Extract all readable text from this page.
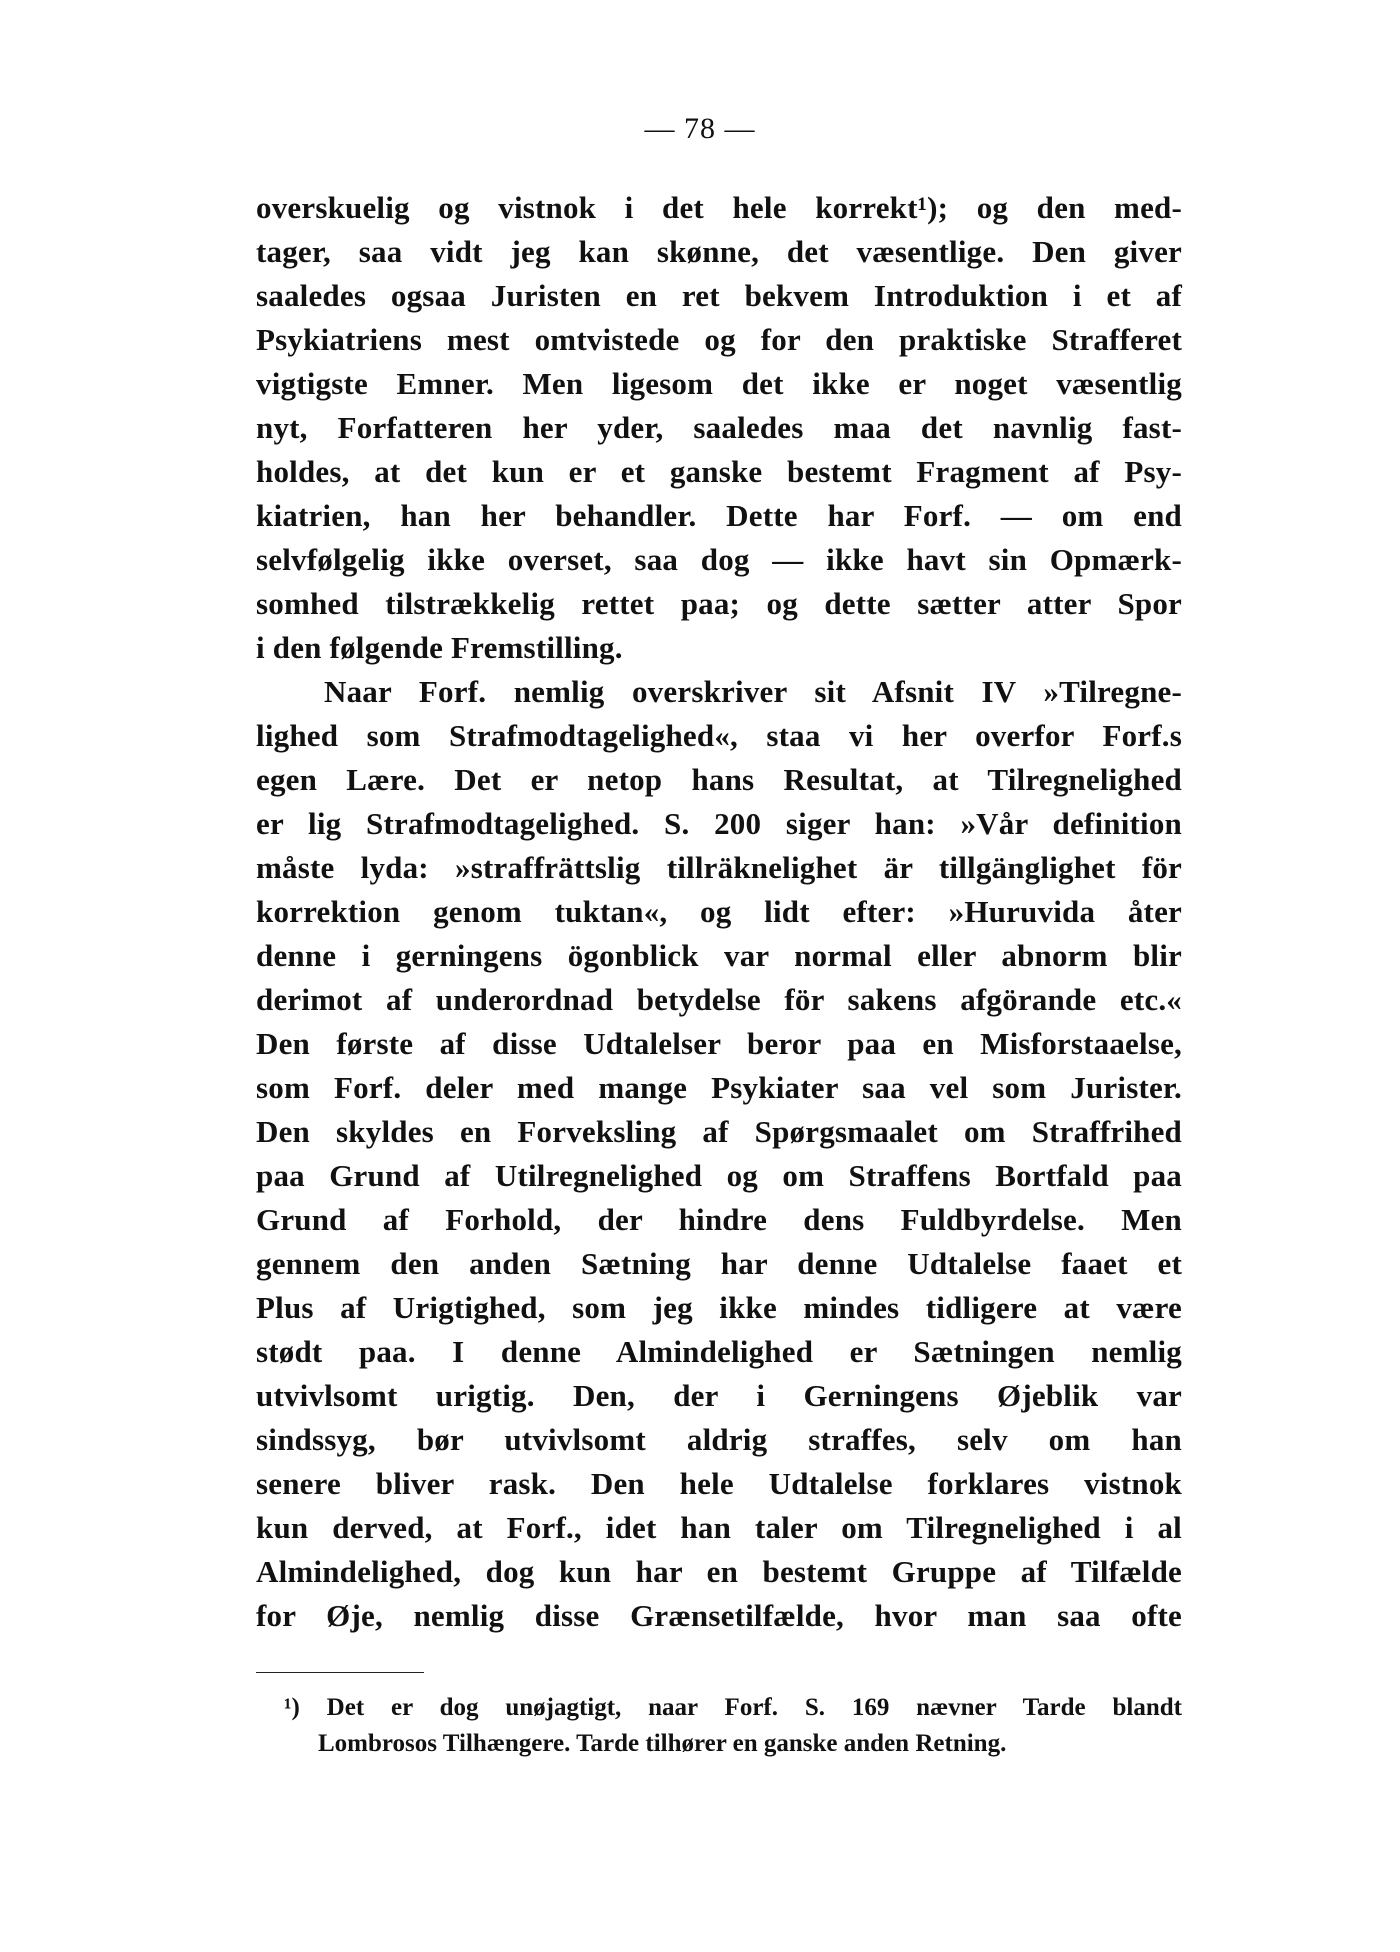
— 78 —
overskuelig og vistnok i det hele korrekt¹); og den med-
tager, saa vidt jeg kan skønne, det væsentlige. Den giver
saaledes ogsaa Juristen en ret bekvem Introduktion i et af
Psykiatriens mest omtvistede og for den praktiske Strafferet
vigtigste Emner. Men ligesom det ikke er noget væsentlig
nyt, Forfatteren her yder, saaledes maa det navnlig fast-
holdes, at det kun er et ganske bestemt Fragment af Psy-
kiatrien, han her behandler. Dette har Forf. — om end
selvfølgelig ikke overset, saa dog — ikke havt sin Opmærk-
somhed tilstrækkelig rettet paa; og dette sætter atter Spor
i den følgende Fremstilling.
Naar Forf. nemlig overskriver sit Afsnit IV »Tilregne-
lighed som Strafmodtagelighed«, staa vi her overfor Forf.s
egen Lære. Det er netop hans Resultat, at Tilregnelighed
er lig Strafmodtagelighed. S. 200 siger han: »Vår definition
måste lyda: »straffrättslig tillräknelighet är tillgänglighet för
korrektion genom tuktan«, og lidt efter: »Huruvida åter
denne i gerningens ögonblick var normal eller abnorm blir
derimot af underordnad betydelse för sakens afgörande etc.«
Den første af disse Udtalelser beror paa en Misforstaaelse,
som Forf. deler med mange Psykiater saa vel som Jurister.
Den skyldes en Forveksling af Spørgsmaalet om Straffrihed
paa Grund af Utilregnelighed og om Straffens Bortfald paa
Grund af Forhold, der hindre dens Fuldbyrdelse. Men
gennem den anden Sætning har denne Udtalelse faaet et
Plus af Urigtighed, som jeg ikke mindes tidligere at være
stødt paa. I denne Almindelighed er Sætningen nemlig
utvivlsomt urigtig. Den, der i Gerningens Øjeblik var
sindssyg, bør utvivlsomt aldrig straffes, selv om han
senere bliver rask. Den hele Udtalelse forklares vistnok
kun derved, at Forf., idet han taler om Tilregnelighed i al
Almindelighed, dog kun har en bestemt Gruppe af Tilfælde
for Øje, nemlig disse Grænsetilfælde, hvor man saa ofte
¹) Det er dog unøjagtigt, naar Forf. S. 169 nævner Tarde blandt
Lombrosos Tilhængere. Tarde tilhører en ganske anden Retning.
